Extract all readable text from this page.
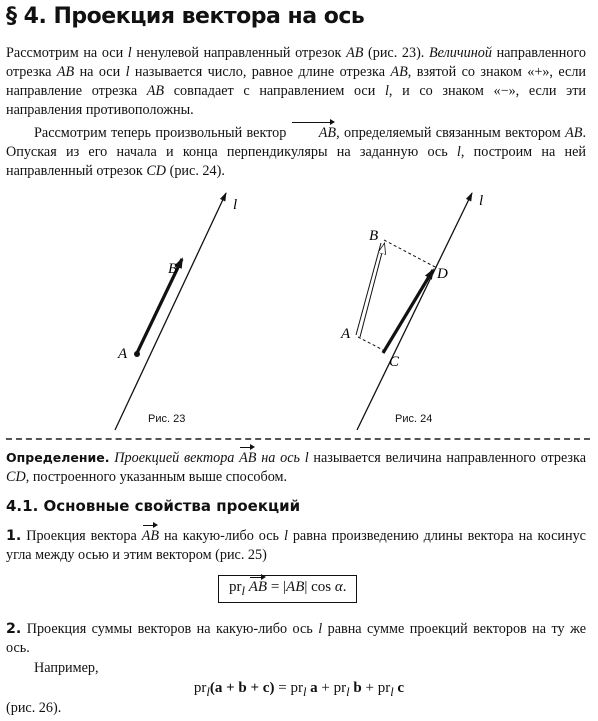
§ 4. Проекция вектора на ось

Рассмотрим на оси l ненулевой направленный отрезок AB (рис. 23). Величиной направленного отрезка AB на оси l называется число, равное длине отрезка AB, взятой со знаком «+», если направление отрезка AB совпадает с направлением оси l, и со знаком «−», если эти направления противоположны.

Рассмотрим теперь произвольный вектор AB, определяемый связанным вектором AB. Опуская из его начала и конца перпендикуляры на заданную ось l, построим на ней направленный отрезок CD (рис. 24).

l
B
A
l
B
D
A
C
Рис. 23	Рис. 24

Определение. Проекцией вектора AB на ось l называется величина направленного отрезка CD, построенного указанным выше способом.

4.1. Основные свойства проекций

1. Проекция вектора AB на какую-либо ось l равна произведению длины вектора на косинус угла между осью и этим вектором (рис. 25)

$pr_l$ AB = |AB| cos α.

2. Проекция суммы векторов на какую-либо ось l равна сумме проекций векторов на ту же ось.

Например,
$pr_l(a + b + c) = pr_l$ $a + pr_l$ $b + pr_l$ c
(рис. 26).
